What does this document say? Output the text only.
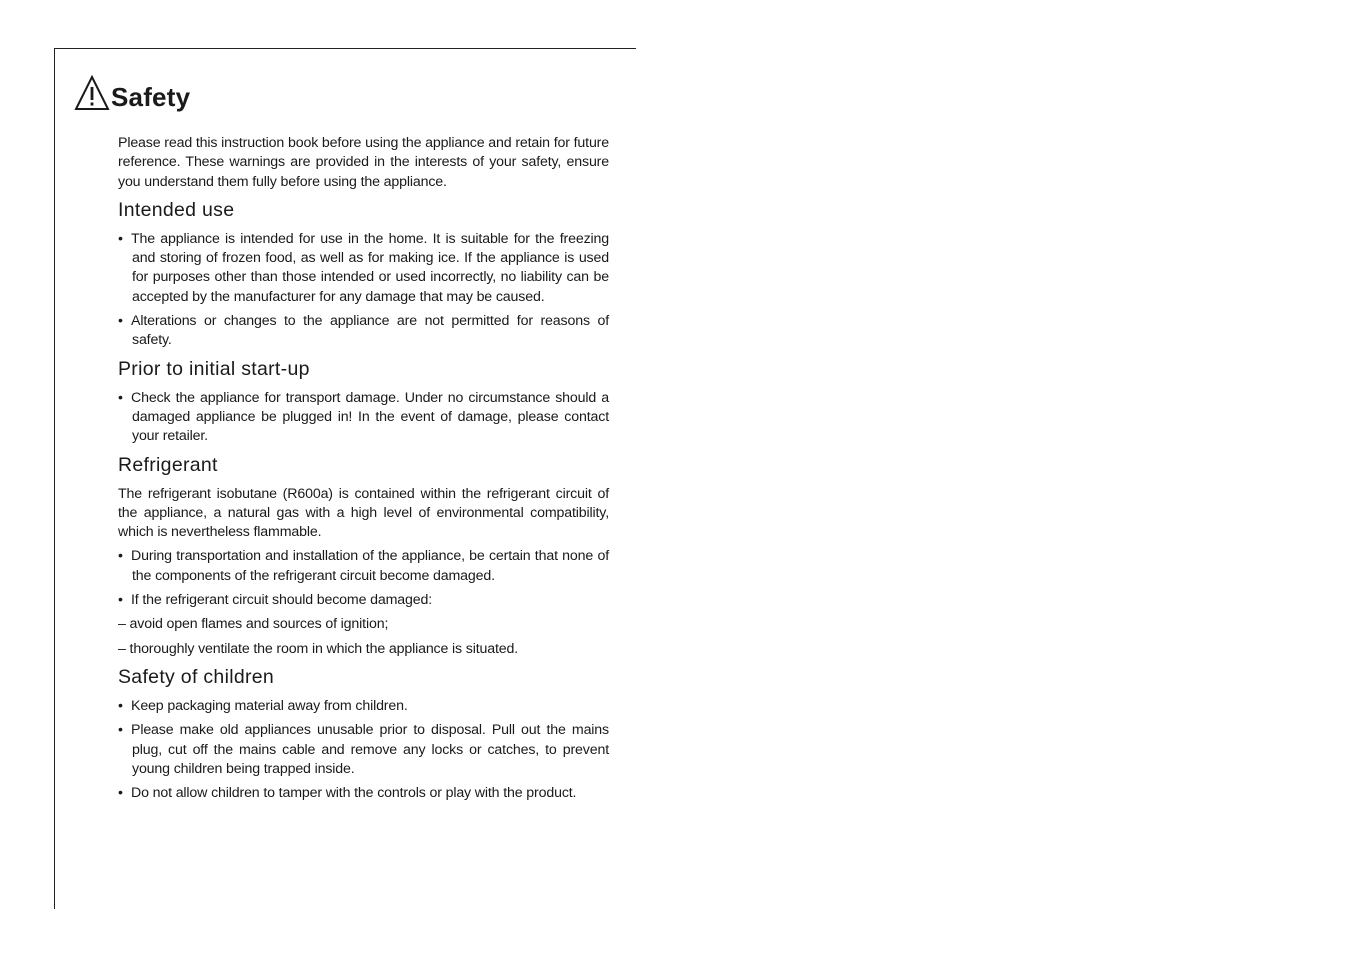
Safety

Please read this instruction book before using the appliance and retain for future reference. These warnings are provided in the interests of your safety, ensure you understand them fully before using the appliance.

Intended use

• The appliance is intended for use in the home. It is suitable for the freezing and storing of frozen food, as well as for making ice. If the appliance is used for purposes other than those intended or used incorrectly, no liability can be accepted by the manufacturer for any damage that may be caused.

• Alterations or changes to the appliance are not permitted for reasons of safety.

Prior to initial start-up

• Check the appliance for transport damage. Under no circumstance should a damaged appliance be plugged in! In the event of damage, please contact your retailer.

Refrigerant

The refrigerant isobutane (R600a) is contained within the refrigerant circuit of the appliance, a natural gas with a high level of environmental compatibility, which is nevertheless flammable.

• During transportation and installation of the appliance, be certain that none of the components of the refrigerant circuit become damaged.

• If the refrigerant circuit should become damaged:

– avoid open flames and sources of ignition;

– thoroughly ventilate the room in which the appliance is situated.

Safety of children

• Keep packaging material away from children.

• Please make old appliances unusable prior to disposal. Pull out the mains plug, cut off the mains cable and remove any locks or catches, to prevent young children being trapped inside.

• Do not allow children to tamper with the controls or play with the product.
